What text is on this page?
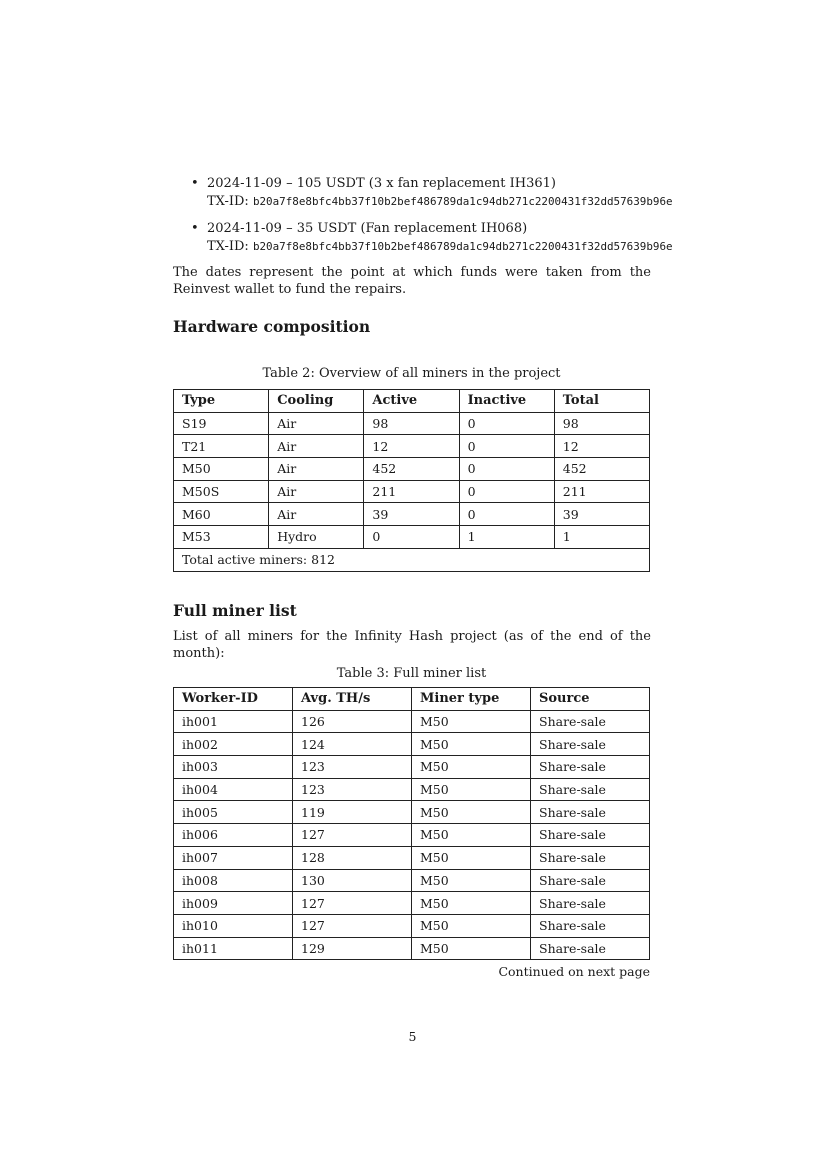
• 2024-11-09 – 105 USDT (3 x fan replacement IH361)
TX-ID: b20a7f8e8bfc4bb37f10b2bef486789da1c94db271c2200431f32dd57639b96e
• 2024-11-09 – 35 USDT (Fan replacement IH068)
TX-ID: b20a7f8e8bfc4bb37f10b2bef486789da1c94db271c2200431f32dd57639b96e

The dates represent the point at which funds were taken from the Reinvest wallet to fund the repairs.

Hardware composition

Table 2: Overview of all miners in the project

Type	Cooling	Active	Inactive	Total
S19	Air	98	0	98
T21	Air	12	0	12
M50	Air	452	0	452
M50S	Air	211	0	211
M60	Air	39	0	39
M53	Hydro	0	1	1
Total active miners: 812				
Full miner list

List of all miners for the Infinity Hash project (as of the end of the month):

Table 3: Full miner list

Worker-ID	Avg. TH/s	Miner type	Source
ih001	126	M50	Share-sale
ih002	124	M50	Share-sale
ih003	123	M50	Share-sale
ih004	123	M50	Share-sale
ih005	119	M50	Share-sale
ih006	127	M50	Share-sale
ih007	128	M50	Share-sale
ih008	130	M50	Share-sale
ih009	127	M50	Share-sale
ih010	127	M50	Share-sale
ih011	129	M50	Share-sale

Continued on next page

5
